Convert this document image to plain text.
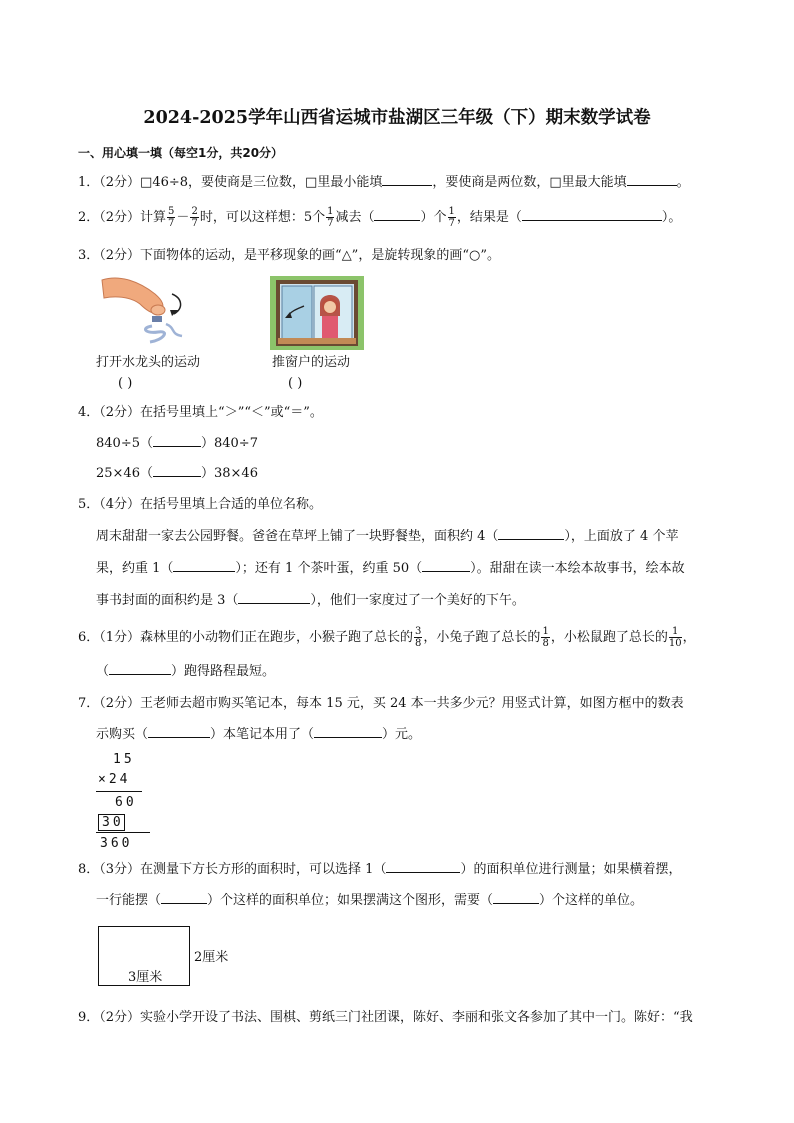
2024-2025学年山西省运城市盐湖区三年级（下）期末数学试卷
一、用心填一填（每空1分，共20分）
1．（2分）□46÷8，要使商是三位数，□里最小能填	，要使商是两位数，□里最大能填	。
2．（2分）计算 $\frac{5}{7} - \frac{2}{7}$ 时，可以这样想：5个 $\frac{1}{7}$ 减去（	）个 $\frac{1}{7}$ ，结果是（	）。
3．（2分）下面物体的运动，是平移现象的画“△”，是旋转现象的画“○”。
打开水龙头的运动
( )
推窗户的运动
( )
4．（2分）在括号里填上“＞”“＜”或“＝”。
840÷5（	）840÷7
25×46（	）38×46
5．（4分）在括号里填上合适的单位名称。
周末甜甜一家去公园野餐。爸爸在草坪上铺了一块野餐垫，面积约 4（	），上面放了 4 个苹
果，约重 1（	）；还有 1 个茶叶蛋，约重 50（	）。甜甜在读一本绘本故事书，绘本故
事书封面的面积约是 3（	），他们一家度过了一个美好的下午。
6．（1分）森林里的小动物们正在跑步，小猴子跑了总长的 $\frac{3}{8}$ ，小兔子跑了总长的 $\frac{1}{8}$ ，小松鼠跑了总长的 $\frac{1}{10}$ ，
（	）跑得路程最短。
7．（2分）王老师去超市购买笔记本，每本 15 元，买 24 本一共多少元？用竖式计算，如图方框中的数表
示购买（	）本笔记本用了（	）元。
15
×24
60
30
360
8．（3分）在测量下方长方形的面积时，可以选择 1（	）的面积单位进行测量；如果横着摆，
一行能摆（	）个这样的面积单位；如果摆满这个图形，需要（	）个这样的单位。
2厘米
3厘米
9．（2分）实验小学开设了书法、围棋、剪纸三门社团课，陈好、李丽和张文各参加了其中一门。陈好：“我
